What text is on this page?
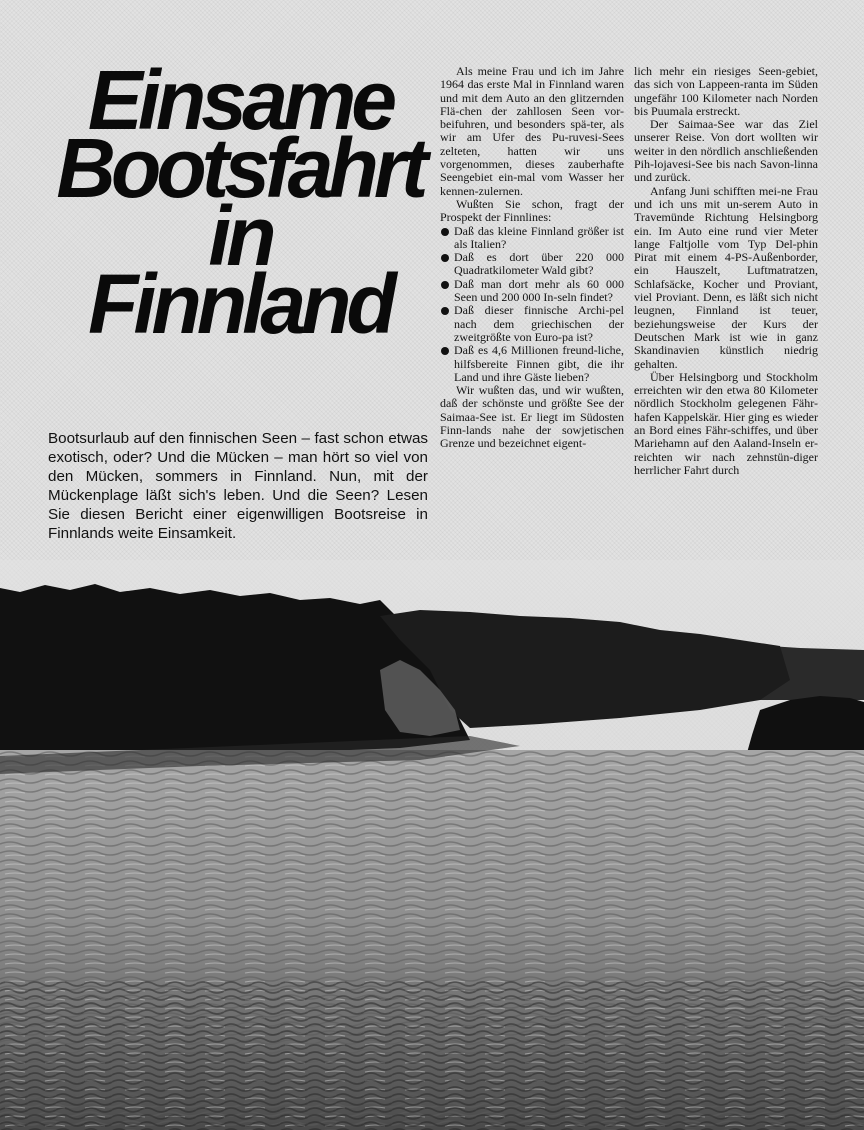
Einsame
Bootsfahrt
in
Finnland

Bootsurlaub auf den finnischen Seen – fast schon etwas exotisch, oder? Und die Mücken – man hört so viel von den Mücken, sommers in Finnland. Nun, mit der Mückenplage läßt sich's leben. Und die Seen? Lesen Sie diesen Bericht einer eigenwilligen Bootsreise in Finnlands weite Einsamkeit.

Als meine Frau und ich im Jahre 1964 das erste Mal in Finnland waren und mit dem Auto an den glitzernden Flä-chen der zahllosen Seen vor-beifuhren, und besonders spä-ter, als wir am Ufer des Pu-ruvesi-Sees zelteten, hatten wir uns vorgenommen, dieses zauberhafte Seengebiet ein-mal vom Wasser her kennen-zulernen.

Wußten Sie schon, fragt der Prospekt der Finnlines:

Daß das kleine Finnland größer ist als Italien?
Daß es dort über 220 000 Quadratkilometer Wald gibt?
Daß man dort mehr als 60 000 Seen und 200 000 In-seln findet?
Daß dieser finnische Archi-pel nach dem griechischen der zweitgrößte von Euro-pa ist?
Daß es 4,6 Millionen freund-liche, hilfsbereite Finnen gibt, die ihr Land und ihre Gäste lieben?

Wir wußten das, und wir wußten, daß der schönste und größte See der Saimaa-See ist. Er liegt im Südosten Finn-lands nahe der sowjetischen Grenze und bezeichnet eigent-

lich mehr ein riesiges Seen-gebiet, das sich von Lappeen-ranta im Süden ungefähr 100 Kilometer nach Norden bis Puumala erstreckt.

Der Saimaa-See war das Ziel unserer Reise. Von dort wollten wir weiter in den nördlich anschließenden Pih-lojavesi-See bis nach Savon-linna und zurück.

Anfang Juni schifften mei-ne Frau und ich uns mit un-serem Auto in Travemünde Richtung Helsingborg ein. Im Auto eine rund vier Meter lange Faltjolle vom Typ Del-phin Pirat mit einem 4-PS-Außenborder, ein Hauszelt, Luftmatratzen, Schlafsäcke, Kocher und Proviant, viel Proviant. Denn, es läßt sich nicht leugnen, Finnland ist teuer, beziehungsweise der Kurs der Deutschen Mark ist wie in ganz Skandinavien künstlich niedrig gehalten.

Über Helsingborg und Stockholm erreichten wir den etwa 80 Kilometer nördlich Stockholm gelegenen Fähr-hafen Kappelskär. Hier ging es wieder an Bord eines Fähr-schiffes, und über Mariehamn auf den Aaland-Inseln er-reichten wir nach zehnstün-diger herrlicher Fahrt durch
